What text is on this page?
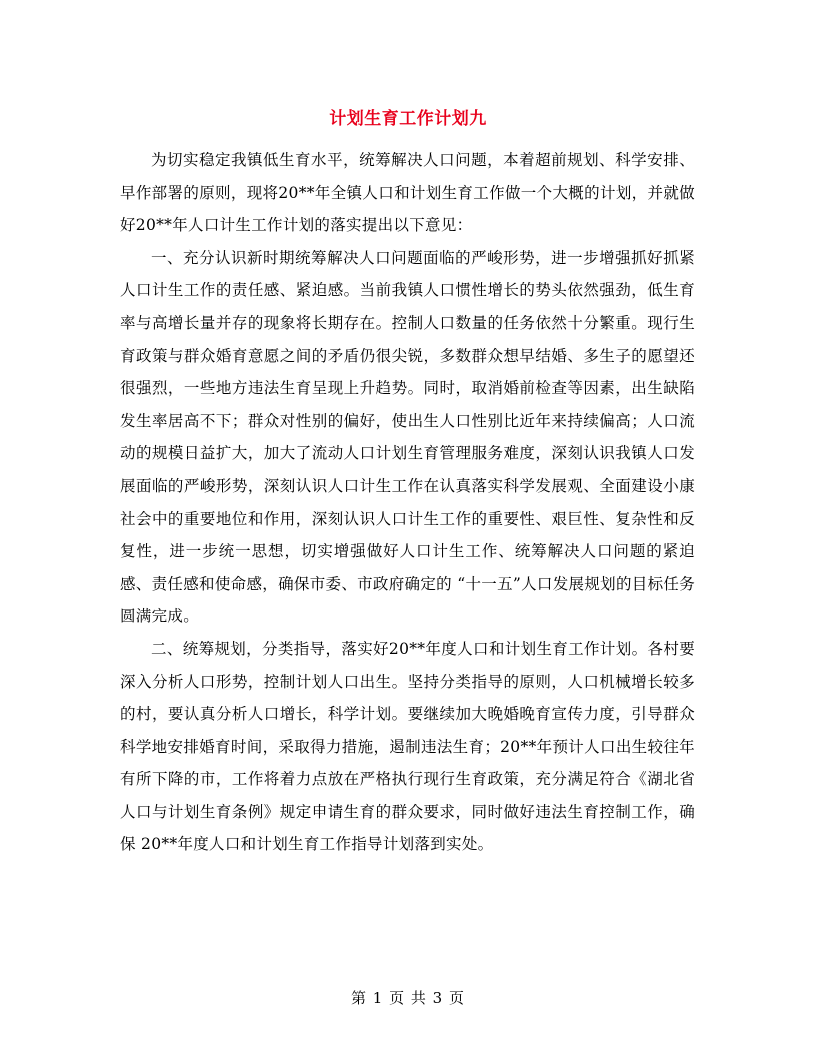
计划生育工作计划九

为切实稳定我镇低生育水平，统筹解决人口问题，本着超前规划、科学安排、早作部署的原则，现将20**年全镇人口和计划生育工作做一个大概的计划，并就做好20**年人口计生工作计划的落实提出以下意见：

一、充分认识新时期统筹解决人口问题面临的严峻形势，进一步增强抓好抓紧人口计生工作的责任感、紧迫感。当前我镇人口惯性增长的势头依然强劲，低生育率与高增长量并存的现象将长期存在。控制人口数量的任务依然十分繁重。现行生育政策与群众婚育意愿之间的矛盾仍很尖锐，多数群众想早结婚、多生子的愿望还很强烈，一些地方违法生育呈现上升趋势。同时，取消婚前检查等因素，出生缺陷发生率居高不下；群众对性别的偏好，使出生人口性别比近年来持续偏高；人口流动的规模日益扩大，加大了流动人口计划生育管理服务难度，深刻认识我镇人口发展面临的严峻形势，深刻认识人口计生工作在认真落实科学发展观、全面建设小康社会中的重要地位和作用，深刻认识人口计生工作的重要性、艰巨性、复杂性和反复性，进一步统一思想，切实增强做好人口计生工作、统筹解决人口问题的紧迫感、责任感和使命感，确保市委、市政府确定的 “十一五”人口发展规划的目标任务圆满完成。

二、统筹规划，分类指导，落实好20**年度人口和计划生育工作计划。各村要深入分析人口形势，控制计划人口出生。坚持分类指导的原则，人口机械增长较多的村，要认真分析人口增长，科学计划。要继续加大晚婚晚育宣传力度，引导群众科学地安排婚育时间，采取得力措施，遏制违法生育；20**年预计人口出生较往年有所下降的市，工作将着力点放在严格执行现行生育政策，充分满足符合《湖北省人口与计划生育条例》规定申请生育的群众要求，同时做好违法生育控制工作，确保 20**年度人口和计划生育工作指导计划落到实处。

第 1 页 共 3 页
